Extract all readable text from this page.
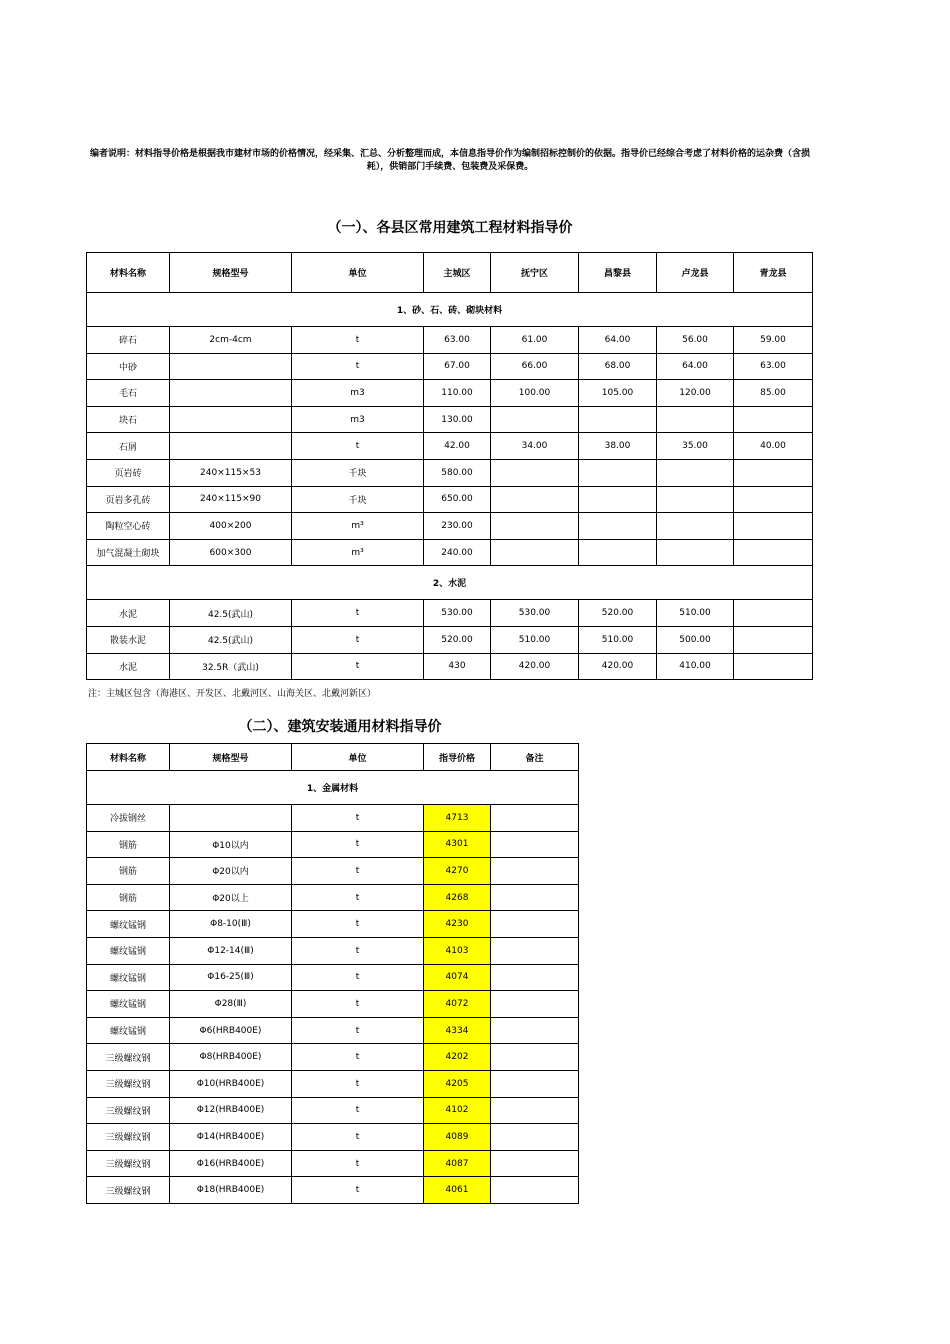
编者说明：材料指导价格是根据我市建材市场的价格情况，经采集、汇总、分析整理而成，本信息指导价作为编制招标控制价的依据。指导价已经综合考虑了材料价格的运杂费（含损耗），供销部门手续费、包装费及采保费。
（一）、各县区常用建筑工程材料指导价
材料名称	规格型号	单位	主城区	抚宁区	昌黎县	卢龙县	青龙县
1、砂、石、砖、砌块材料							
碎石	2cm-4cm	t	63.00	61.00	64.00	56.00	59.00
中砂		t	67.00	66.00	68.00	64.00	63.00
毛石		m3	110.00	100.00	105.00	120.00	85.00
块石		m3	130.00				
石屑		t	42.00	34.00	38.00	35.00	40.00
页岩砖	240×115×53	千块	580.00				
页岩多孔砖	240×115×90	千块	650.00				
陶粒空心砖	400×200	m³	230.00				
加气混凝土砌块	600×300	m³	240.00				
2、水泥							
水泥	42.5(武山)	t	530.00	530.00	520.00	510.00	
散装水泥	42.5(武山)	t	520.00	510.00	510.00	500.00	
水泥	32.5R（武山)	t	430	420.00	420.00	410.00	
注：主城区包含（海港区、开发区、北戴河区、山海关区、北戴河新区）
（二）、建筑安装通用材料指导价
材料名称	规格型号	单位	指导价格	备注
1、金属材料				
冷拔钢丝		t	4713	
钢筋	Φ10以内	t	4301	
钢筋	Φ20以内	t	4270	
钢筋	Φ20以上	t	4268	
螺纹锰钢	Φ8-10(Ⅲ)	t	4230	
螺纹锰钢	Φ12-14(Ⅲ)	t	4103	
螺纹锰钢	Φ16-25(Ⅲ)	t	4074	
螺纹锰钢	Φ28(Ⅲ)	t	4072	
螺纹锰钢	Φ6(HRB400E)	t	4334	
三级螺纹钢	Φ8(HRB400E)	t	4202	
三级螺纹钢	Φ10(HRB400E)	t	4205	
三级螺纹钢	Φ12(HRB400E)	t	4102	
三级螺纹钢	Φ14(HRB400E)	t	4089	
三级螺纹钢	Φ16(HRB400E)	t	4087	
三级螺纹钢	Φ18(HRB400E)	t	4061	
